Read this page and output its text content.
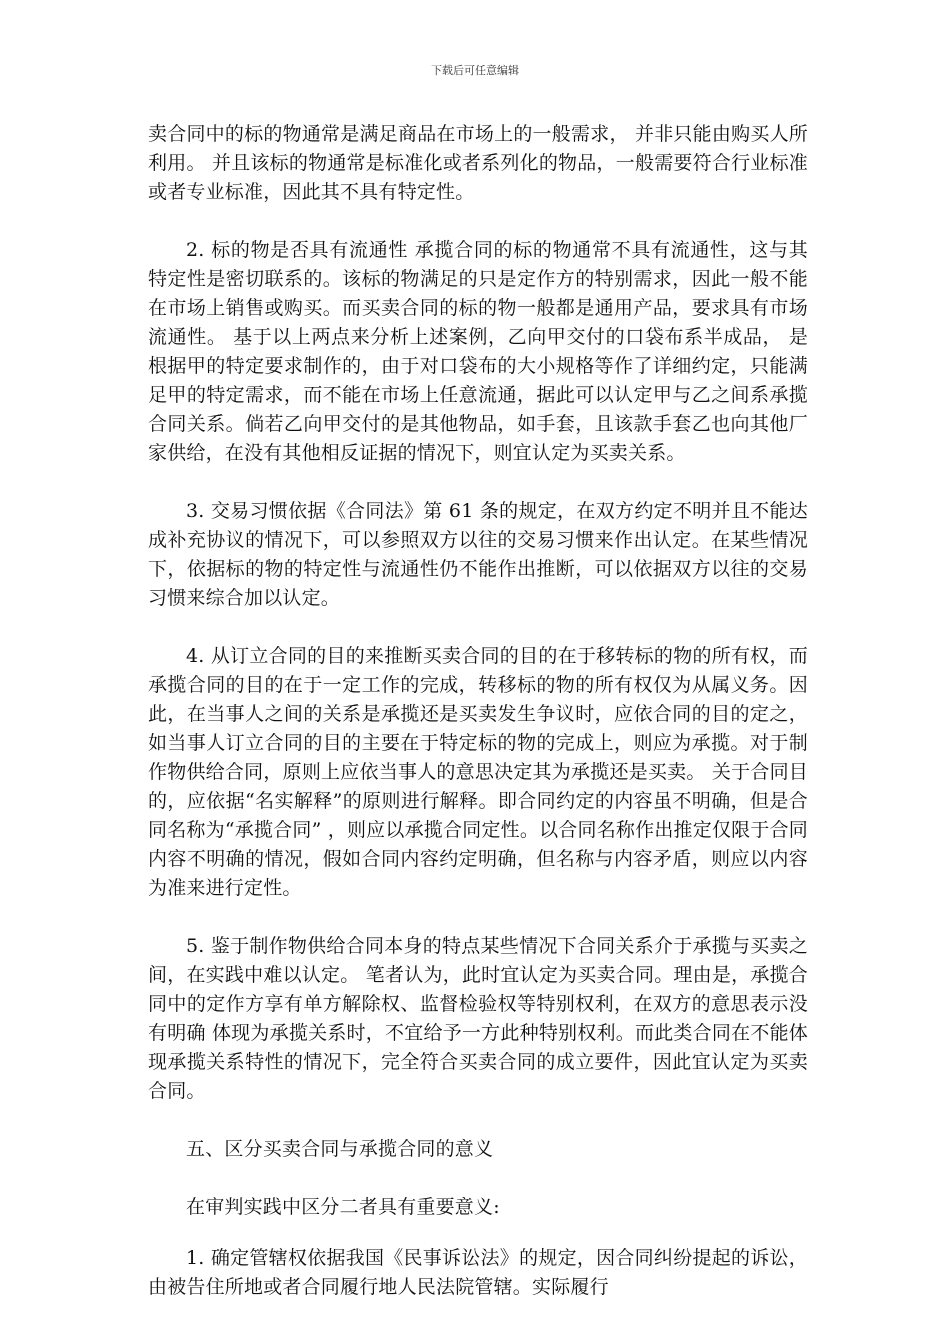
下载后可任意编辑

卖合同中的标的物通常是满足商品在市场上的一般需求， 并非只能由购买人所利用。 并且该标的物通常是标准化或者系列化的物品，一般需要符合行业标准或者专业标准，因此其不具有特定性。

2. 标的物是否具有流通性 承揽合同的标的物通常不具有流通性，这与其特定性是密切联系的。该标的物满足的只是定作方的特别需求，因此一般不能在市场上销售或购买。而买卖合同的标的物一般都是通用产品，要求具有市场流通性。 基于以上两点来分析上述案例，乙向甲交付的口袋布系半成品， 是根据甲的特定要求制作的，由于对口袋布的大小规格等作了详细约定，只能满足甲的特定需求，而不能在市场上任意流通，据此可以认定甲与乙之间系承揽合同关系。倘若乙向甲交付的是其他物品，如手套，且该款手套乙也向其他厂家供给，在没有其他相反证据的情况下，则宜认定为买卖关系。

3. 交易习惯依据《合同法》第 61 条的规定，在双方约定不明并且不能达成补充协议的情况下，可以参照双方以往的交易习惯来作出认定。在某些情况下，依据标的物的特定性与流通性仍不能作出推断，可以依据双方以往的交易习惯来综合加以认定。

4. 从订立合同的目的来推断买卖合同的目的在于移转标的物的所有权，而承揽合同的目的在于一定工作的完成，转移标的物的所有权仅为从属义务。因此，在当事人之间的关系是承揽还是买卖发生争议时，应依合同的目的定之，如当事人订立合同的目的主要在于特定标的物的完成上，则应为承揽。对于制作物供给合同，原则上应依当事人的意思决定其为承揽还是买卖。 关于合同目的，应依据“名实解释”的原则进行解释。即合同约定的内容虽不明确，但是合同名称为“承揽合同” ，则应以承揽合同定性。以合同名称作出推定仅限于合同内容不明确的情况，假如合同内容约定明确，但名称与内容矛盾，则应以内容为准来进行定性。

5. 鉴于制作物供给合同本身的特点某些情况下合同关系介于承揽与买卖之间，在实践中难以认定。 笔者认为，此时宜认定为买卖合同。理由是，承揽合同中的定作方享有单方解除权、监督检验权等特别权利，在双方的意思表示没有明确 体现为承揽关系时，不宜给予一方此种特别权利。而此类合同在不能体现承揽关系特性的情况下，完全符合买卖合同的成立要件，因此宜认定为买卖合同。

五、区分买卖合同与承揽合同的意义

在审判实践中区分二者具有重要意义:

1. 确定管辖权依据我国《民事诉讼法》的规定，因合同纠纷提起的诉讼，由被告住所地或者合同履行地人民法院管辖。实际履行
